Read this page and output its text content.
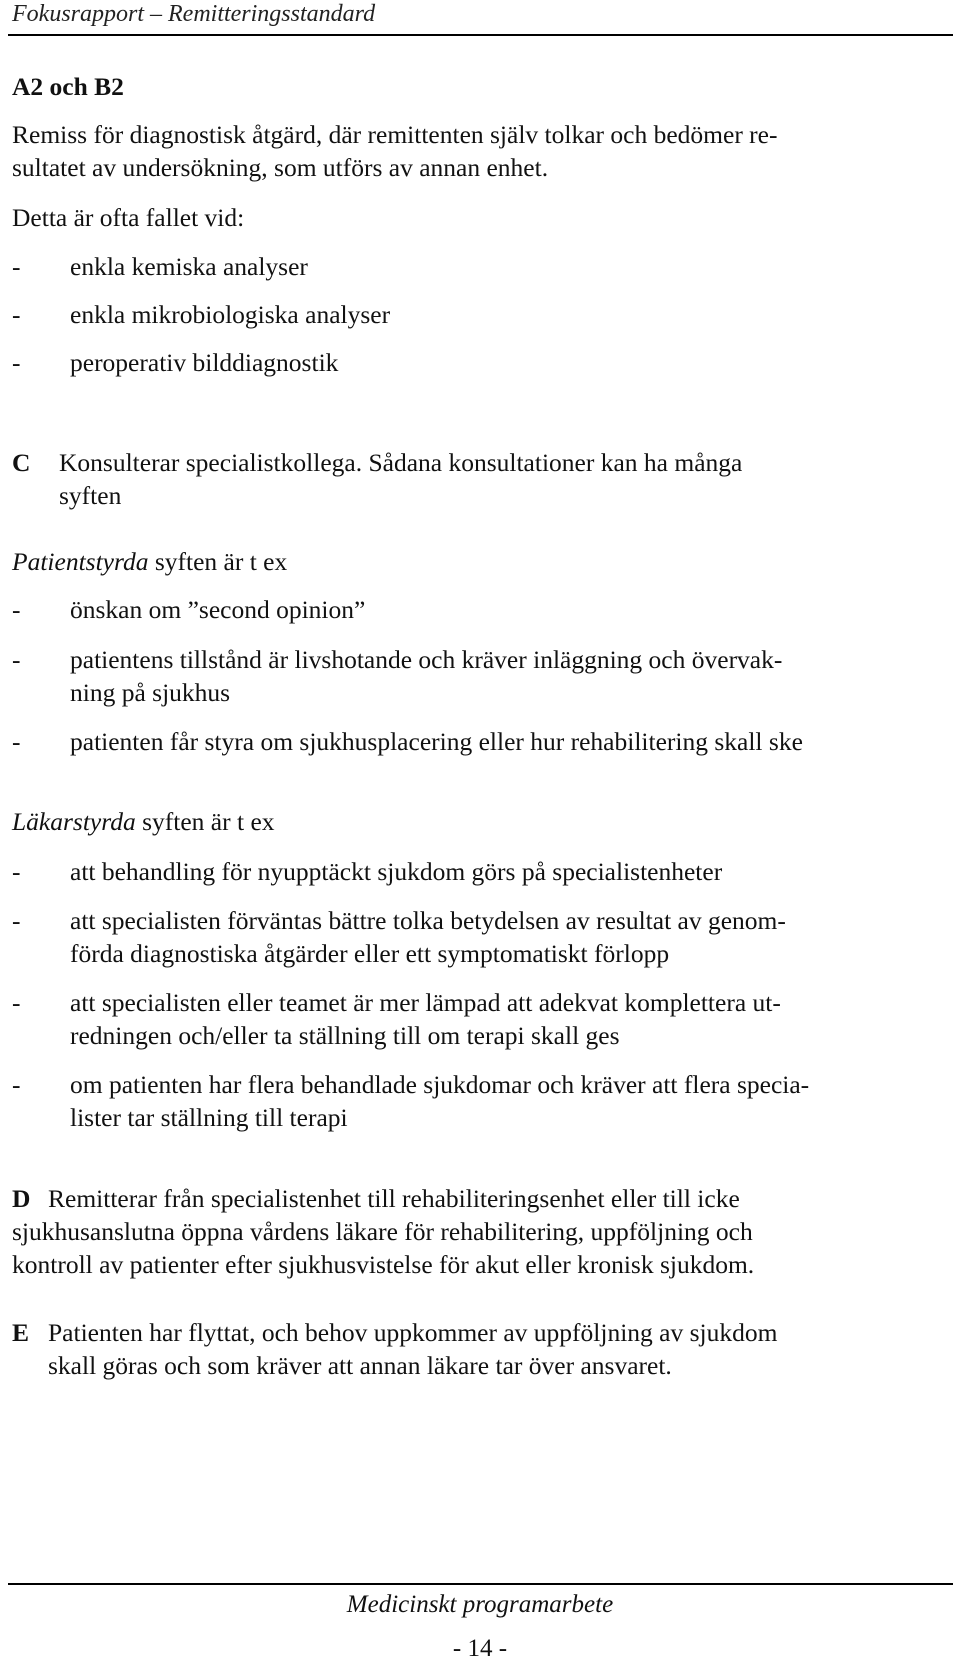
Fokusrapport – Remitteringsstandard
A2 och B2
Remiss för diagnostisk åtgärd, där remittenten själv tolkar och bedömer re-
sultatet av undersökning, som utförs av annan enhet.
Detta är ofta fallet vid:
- enkla kemiska analyser
- enkla mikrobiologiska analyser
- peroperativ bilddiagnostik
C Konsulterar specialistkollega. Sådana konsultationer kan ha många
syften
Patientstyrda syften är t ex
- önskan om ”second opinion”
- patientens tillstånd är livshotande och kräver inläggning och övervak-
ning på sjukhus
- patienten får styra om sjukhusplacering eller hur rehabilitering skall ske
Läkarstyrda syften är t ex
- att behandling för nyupptäckt sjukdom görs på specialistenheter
- att specialisten förväntas bättre tolka betydelsen av resultat av genom-
förda diagnostiska åtgärder eller ett symptomatiskt förlopp
- att specialisten eller teamet är mer lämpad att adekvat komplettera ut-
redningen och/eller ta ställning till om terapi skall ges
- om patienten har flera behandlade sjukdomar och kräver att flera specia-
lister tar ställning till terapi
D Remitterar från specialistenhet till rehabiliteringsenhet eller till icke
sjukhusanslutna öppna vårdens läkare för rehabilitering, uppföljning och
kontroll av patienter efter sjukhusvistelse för akut eller kronisk sjukdom.
E Patienten har flyttat, och behov uppkommer av uppföljning av sjukdom
skall göras och som kräver att annan läkare tar över ansvaret.
Medicinskt programarbete
- 14 -
